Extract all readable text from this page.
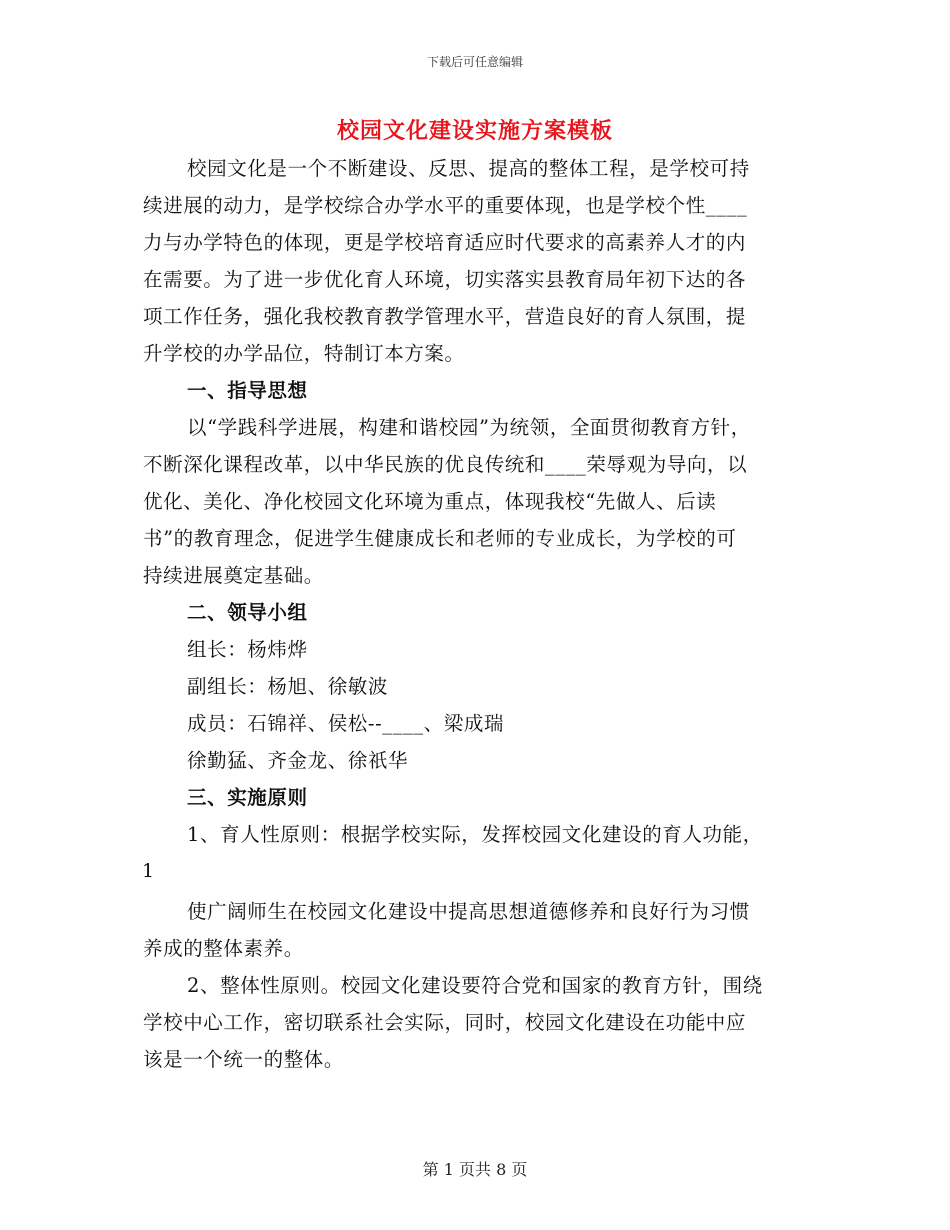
下载后可任意编辑
校园文化建设实施方案模板
校园文化是一个不断建设、反思、提高的整体工程，是学校可持
续进展的动力，是学校综合办学水平的重要体现，也是学校个性____
力与办学特色的体现，更是学校培育适应时代要求的高素养人才的内
在需要。为了进一步优化育人环境，切实落实县教育局年初下达的各
项工作任务，强化我校教育教学管理水平，营造良好的育人氛围，提
升学校的办学品位，特制订本方案。
一、指导思想
以“学践科学进展，构建和谐校园”为统领，全面贯彻教育方针，
不断深化课程改革，以中华民族的优良传统和____荣辱观为导向，以
优化、美化、净化校园文化环境为重点，体现我校“先做人、后读
书”的教育理念，促进学生健康成长和老师的专业成长，为学校的可
持续进展奠定基础。
二、领导小组
组长：杨炜烨
副组长：杨旭、徐敏波
成员：石锦祥、侯松--____、梁成瑞
徐勤猛、齐金龙、徐祇华
三、实施原则
1、育人性原则：根据学校实际，发挥校园文化建设的育人功能，
1
使广阔师生在校园文化建设中提高思想道德修养和良好行为习惯
养成的整体素养。
2、整体性原则。校园文化建设要符合党和国家的教育方针，围绕
学校中心工作，密切联系社会实际，同时，校园文化建设在功能中应
该是一个统一的整体。
第 1 页共 8 页
